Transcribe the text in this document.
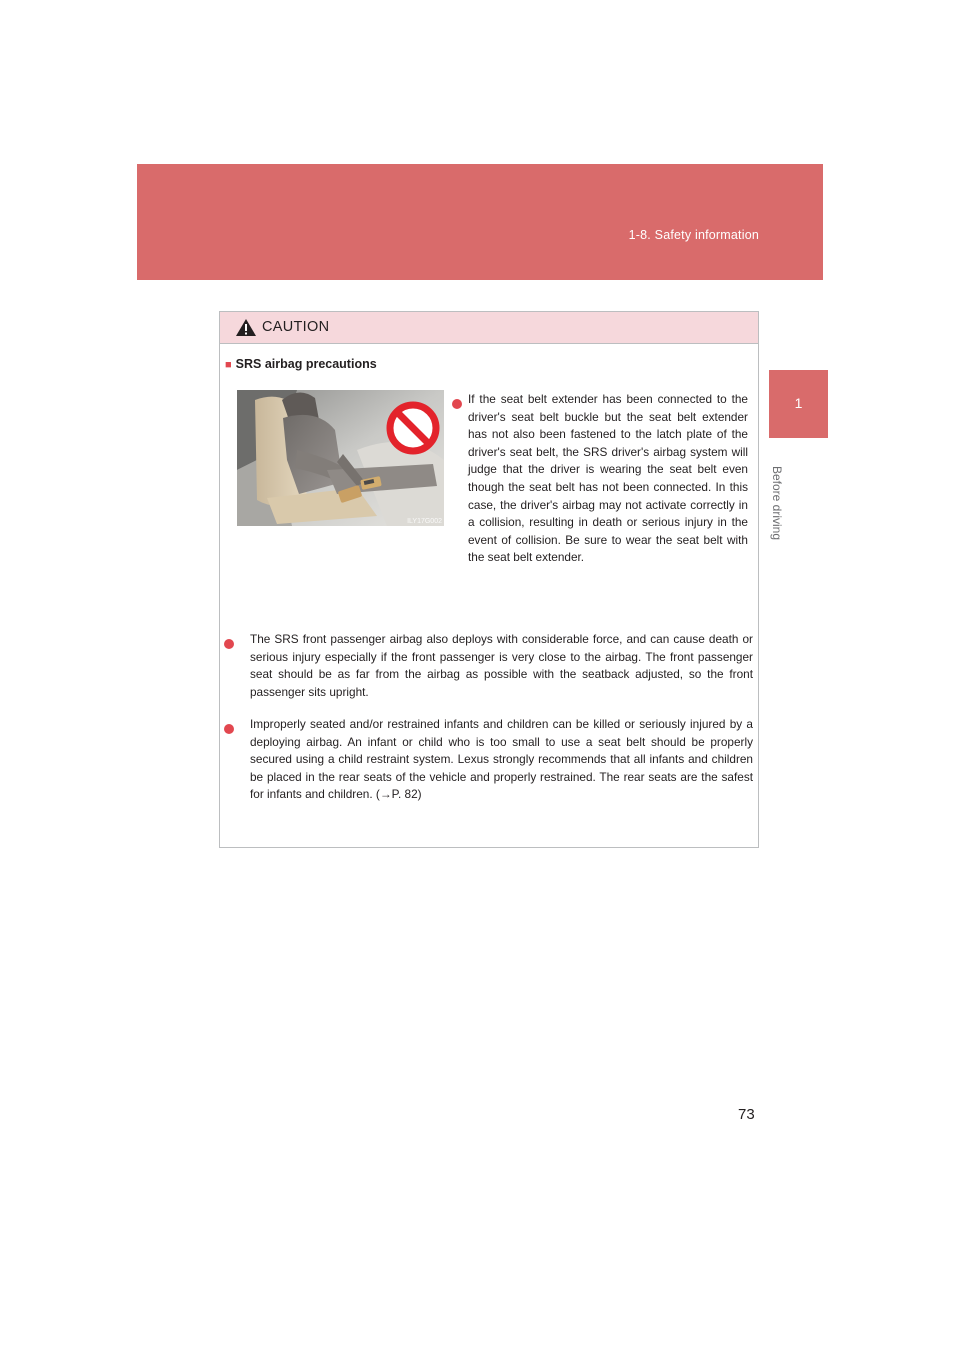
1-8. Safety information
1
Before driving
CAUTION
■ SRS airbag precautions
ILY17G002
If the seat belt extender has been connected to the driver's seat belt buckle but the seat belt extender has not also been fastened to the latch plate of the driver's seat belt, the SRS driver's airbag system will judge that the driver is wearing the seat belt even though the seat belt has not been connected. In this case, the driver's airbag may not activate correctly in a collision, resulting in death or serious injury in the event of collision. Be sure to wear the seat belt with the seat belt extender.
The SRS front passenger airbag also deploys with considerable force, and can cause death or serious injury especially if the front passenger is very close to the airbag. The front passenger seat should be as far from the airbag as possible with the seatback adjusted, so the front passenger sits upright.
Improperly seated and/or restrained infants and children can be killed or seriously injured by a deploying airbag. An infant or child who is too small to use a seat belt should be properly secured using a child restraint system. Lexus strongly recommends that all infants and children be placed in the rear seats of the vehicle and properly restrained. The rear seats are the safest for infants and children. (→P. 82)
73
